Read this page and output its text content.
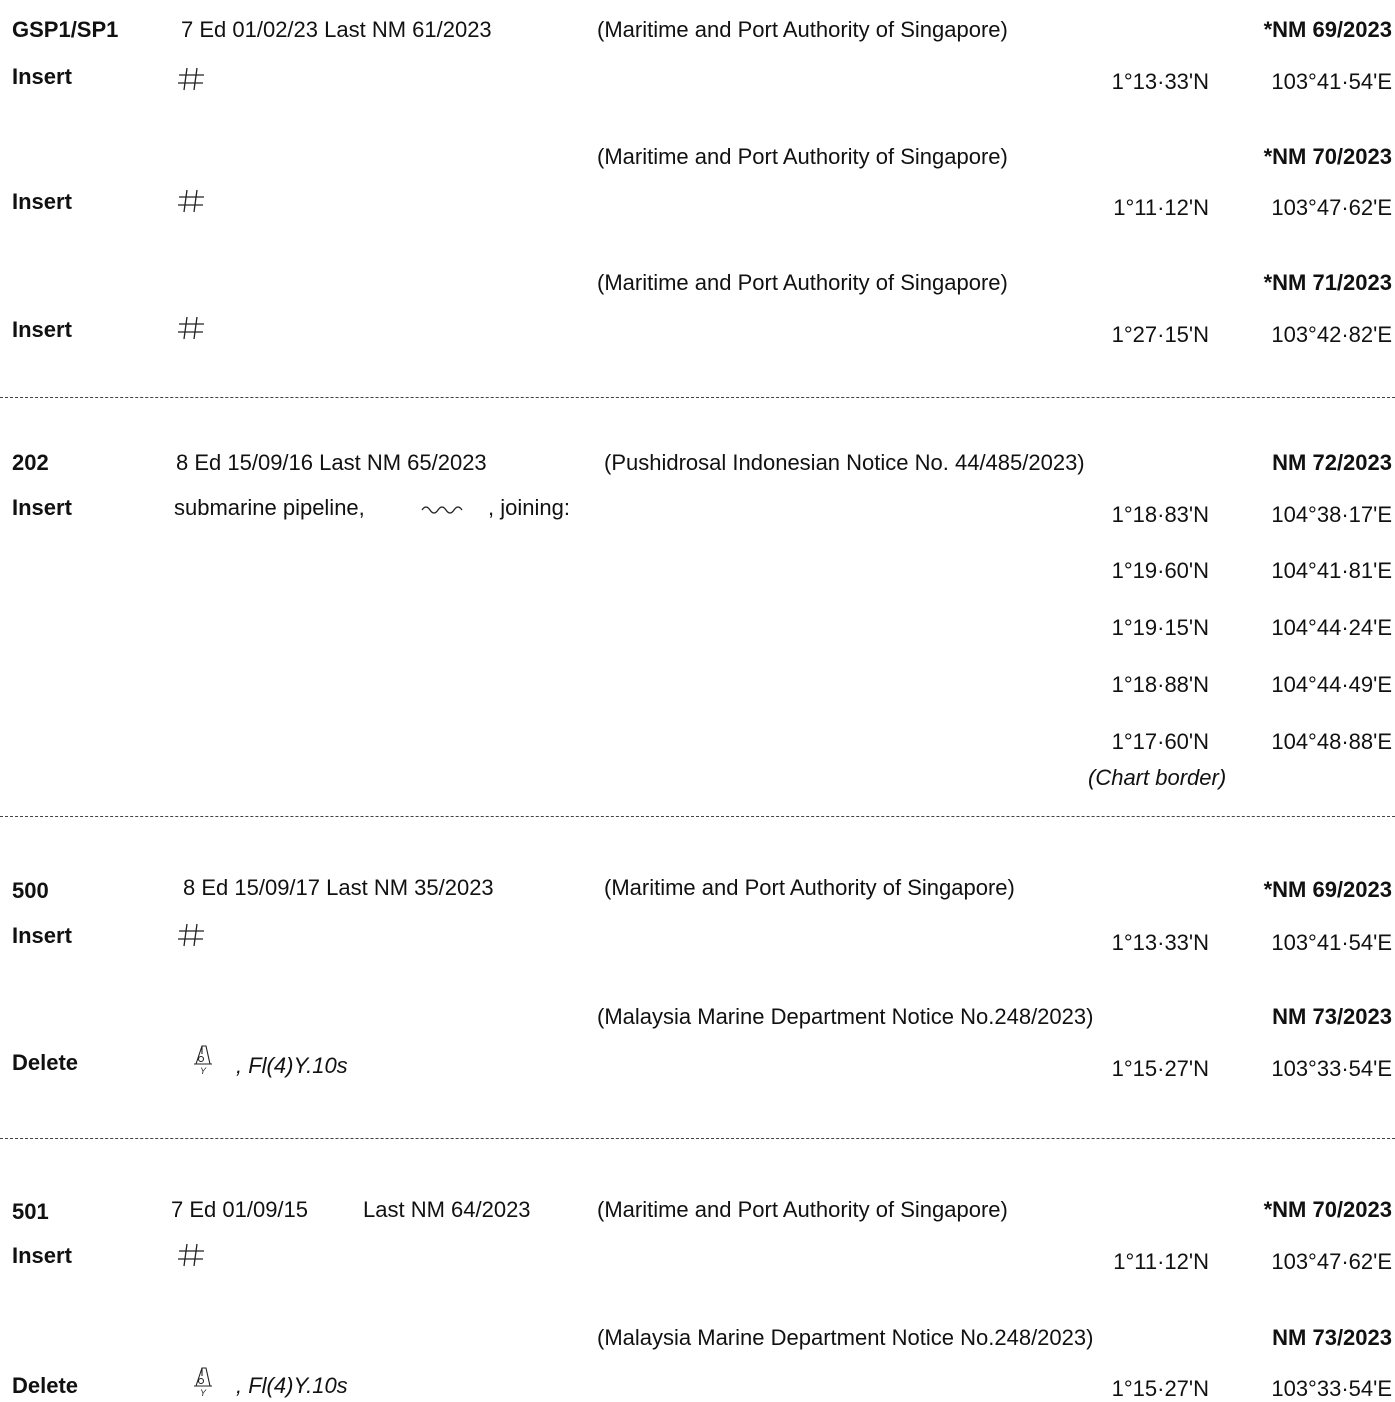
GSP1/SP1	7 Ed 01/02/23 Last NM 61/2023	(Maritime and Port Authority of Singapore)	*NM 69/2023
Insert	1°13·33'N	103°41·54'E
(Maritime and Port Authority of Singapore)	*NM 70/2023
Insert	1°11·12'N	103°47·62'E
(Maritime and Port Authority of Singapore)	*NM 71/2023
Insert	1°27·15'N	103°42·82'E
202	8 Ed 15/09/16 Last NM 65/2023	(Pushidrosal Indonesian Notice No. 44/485/2023)	NM 72/2023
Insert	submarine pipeline,	, joining:	1°18·83'N	104°38·17'E
1°19·60'N	104°41·81'E
1°19·15'N	104°44·24'E
1°18·88'N	104°44·49'E
1°17·60'N	104°48·88'E
(Chart border)
500	8 Ed 15/09/17 Last NM 35/2023	(Maritime and Port Authority of Singapore)	*NM 69/2023
Insert	1°13·33'N	103°41·54'E
(Malaysia Marine Department Notice No.248/2023)	NM 73/2023
Delete	Y , Fl(4)Y.10s	1°15·27'N	103°33·54'E
501	7 Ed 01/09/15 Last NM 64/2023	(Maritime and Port Authority of Singapore)	*NM 70/2023
Insert	1°11·12'N	103°47·62'E
(Malaysia Marine Department Notice No.248/2023)	NM 73/2023
Delete	Y , Fl(4)Y.10s	1°15·27'N	103°33·54'E
